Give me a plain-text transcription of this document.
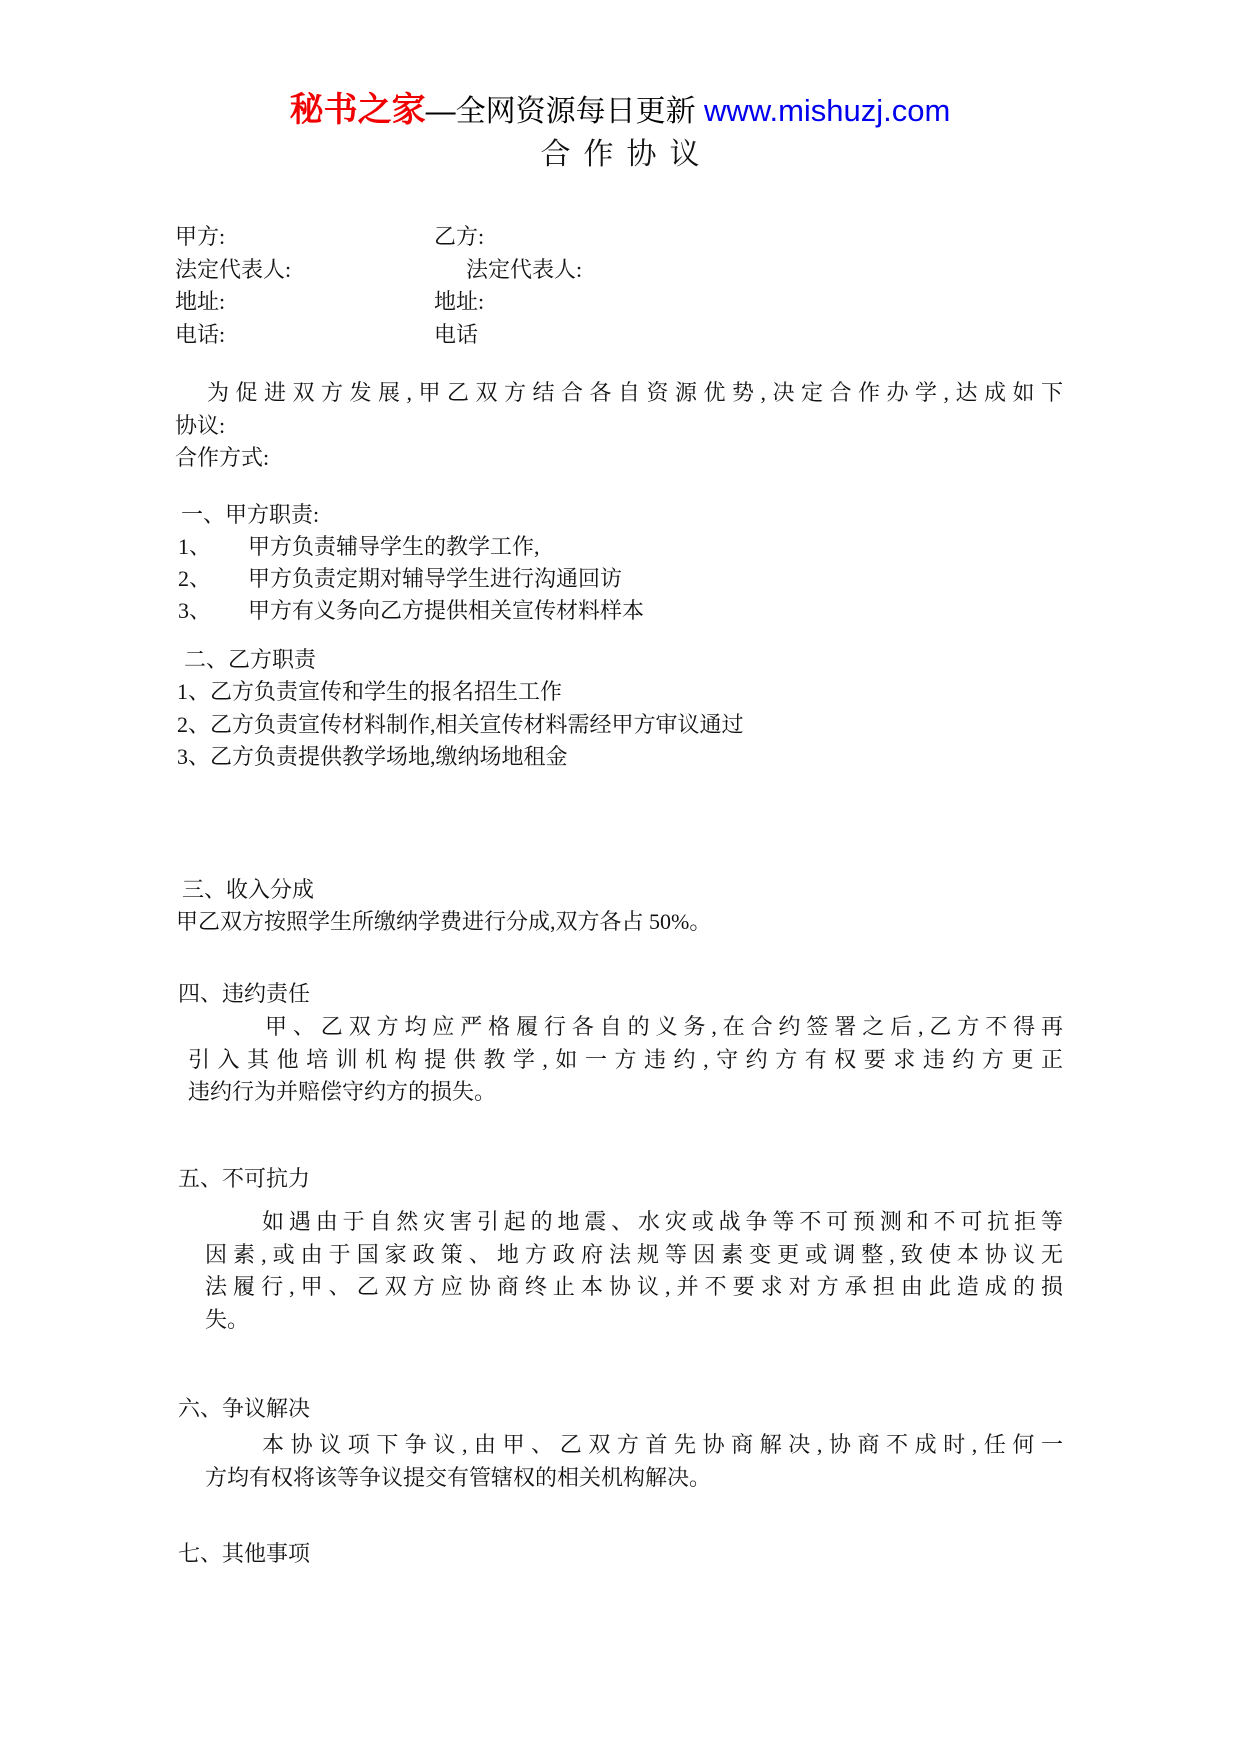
秘书之家—全网资源每日更新 www.mishuzj.com
合作协议
甲方:	乙方:
法定代表人:	法定代表人:
地址:	地址:
电话:	电话
为促进双方发展,甲乙双方结合各自资源优势,决定合作办学,达成如下
协议:
合作方式:
一、甲方职责:
1、	甲方负责辅导学生的教学工作,
2、	甲方负责定期对辅导学生进行沟通回访
3、	甲方有义务向乙方提供相关宣传材料样本
二、乙方职责
1、乙方负责宣传和学生的报名招生工作
2、乙方负责宣传材料制作,相关宣传材料需经甲方审议通过
3、乙方负责提供教学场地,缴纳场地租金
三、收入分成
甲乙双方按照学生所缴纳学费进行分成,双方各占 50%。
四、违约责任
甲、乙双方均应严格履行各自的义务,在合约签署之后,乙方不得再
引入其他培训机构提供教学,如一方违约,守约方有权要求违约方更正
违约行为并赔偿守约方的损失。
五、不可抗力
如遇由于自然灾害引起的地震、水灾或战争等不可预测和不可抗拒等
因素,或由于国家政策、地方政府法规等因素变更或调整,致使本协议无
法履行,甲、乙双方应协商终止本协议,并不要求对方承担由此造成的损
失。
六、争议解决
本协议项下争议,由甲、乙双方首先协商解决,协商不成时,任何一
方均有权将该等争议提交有管辖权的相关机构解决。
七、其他事项
